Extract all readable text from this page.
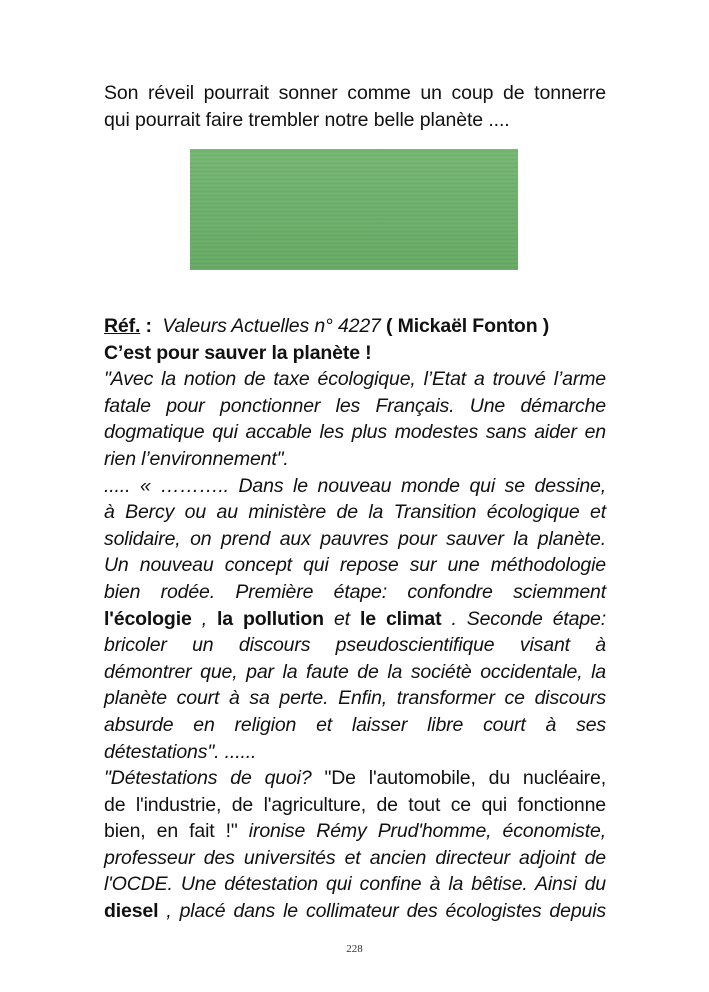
Son réveil pourrait sonner comme un coup de tonnerre

qui pourrait faire trembler notre belle planète ....

Réf. : Valeurs Actuelles n° 4227 ( Mickaël Fonton )
C’est pour sauver la planète !
"Avec la notion de taxe écologique, l’Etat a trouvé l’arme
fatale pour ponctionner les Français. Une démarche
dogmatique qui accable les plus modestes sans aider en
rien l’environnement".
..... « ……….. Dans le nouveau monde qui se dessine,
à Bercy ou au ministère de la Transition écologique et
solidaire, on prend aux pauvres pour sauver la planète.
Un nouveau concept qui repose sur une méthodologie
bien rodée. Première étape: confondre sciemment
l'écologie , la pollution et le climat . Seconde étape:
bricoler un discours pseudoscientifique visant à
démontrer que, par la faute de la sociétè occidentale, la
planète court à sa perte. Enfin, transformer ce discours
absurde en religion et laisser libre court à ses
détestations". ......
"Détestations de quoi? "De l'automobile, du nucléaire,
de l'industrie, de l'agriculture, de tout ce qui fonctionne
bien, en fait !" ironise Rémy Prud'homme, économiste,
professeur des universités et ancien directeur adjoint de
l'OCDE. Une détestation qui confine à la bêtise. Ainsi du
diesel , placé dans le collimateur des écologistes depuis
228
